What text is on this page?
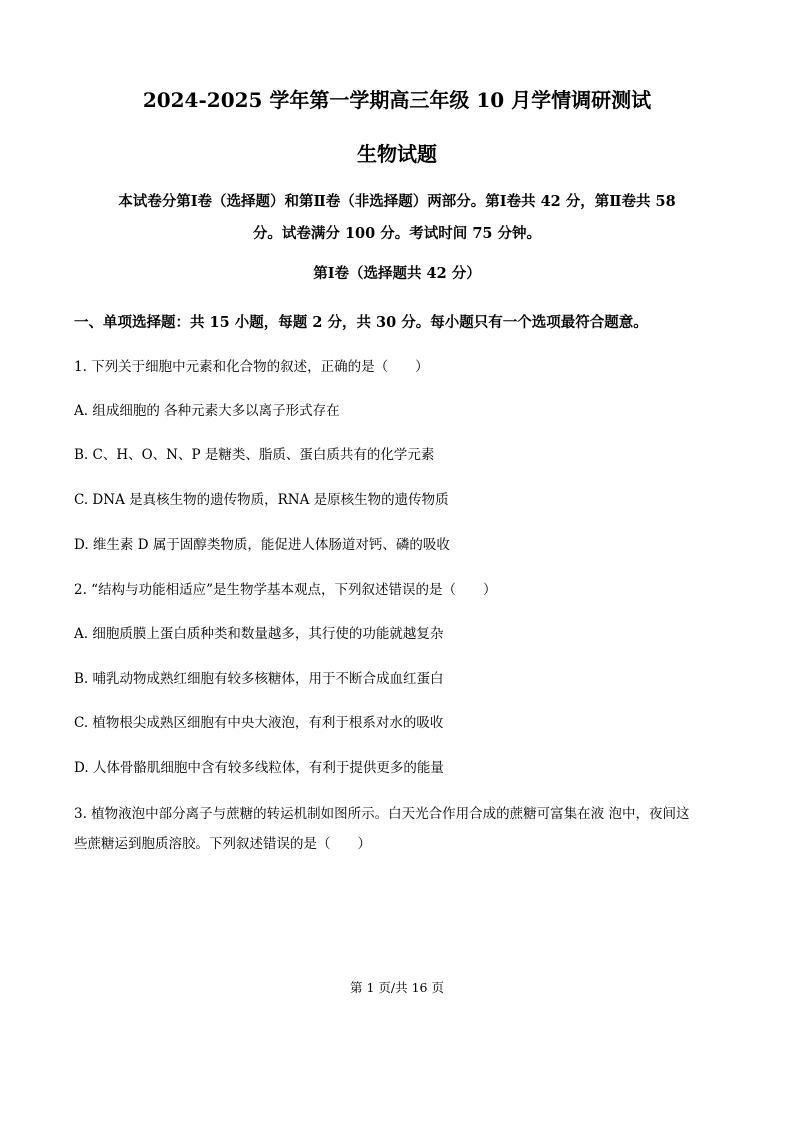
2024-2025 学年第一学期高三年级 10 月学情调研测试
生物试题
本试卷分第Ⅰ卷（选择题）和第Ⅱ卷（非选择题）两部分。第Ⅰ卷共 42 分，第Ⅱ卷共 58
分。试卷满分 100 分。考试时间 75 分钟。
第Ⅰ卷（选择题共 42 分）
一、单项选择题：共 15 小题，每题 2 分，共 30 分。每小题只有一个选项最符合题意。
1. 下列关于细胞中元素和化合物的叙述，正确的是（　　）
A. 组成细胞的 各种元素大多以离子形式存在
B. C、H、O、N、P 是糖类、脂质、蛋白质共有的化学元素
C. DNA 是真核生物的遗传物质，RNA 是原核生物的遗传物质
D. 维生素 D 属于固醇类物质，能促进人体肠道对钙、磷的吸收
2. “结构与功能相适应”是生物学基本观点，下列叙述错误的是（　　）
A. 细胞质膜上蛋白质种类和数量越多，其行使的功能就越复杂
B. 哺乳动物成熟红细胞有较多核糖体，用于不断合成血红蛋白
C. 植物根尖成熟区细胞有中央大液泡，有利于根系对水的吸收
D. 人体骨骼肌细胞中含有较多线粒体，有利于提供更多的能量
3. 植物液泡中部分离子与蔗糖的转运机制如图所示。白天光合作用合成的蔗糖可富集在液 泡中，夜间这
些蔗糖运到胞质溶胶。下列叙述错误的是（　　）
第 1 页/共 16 页
